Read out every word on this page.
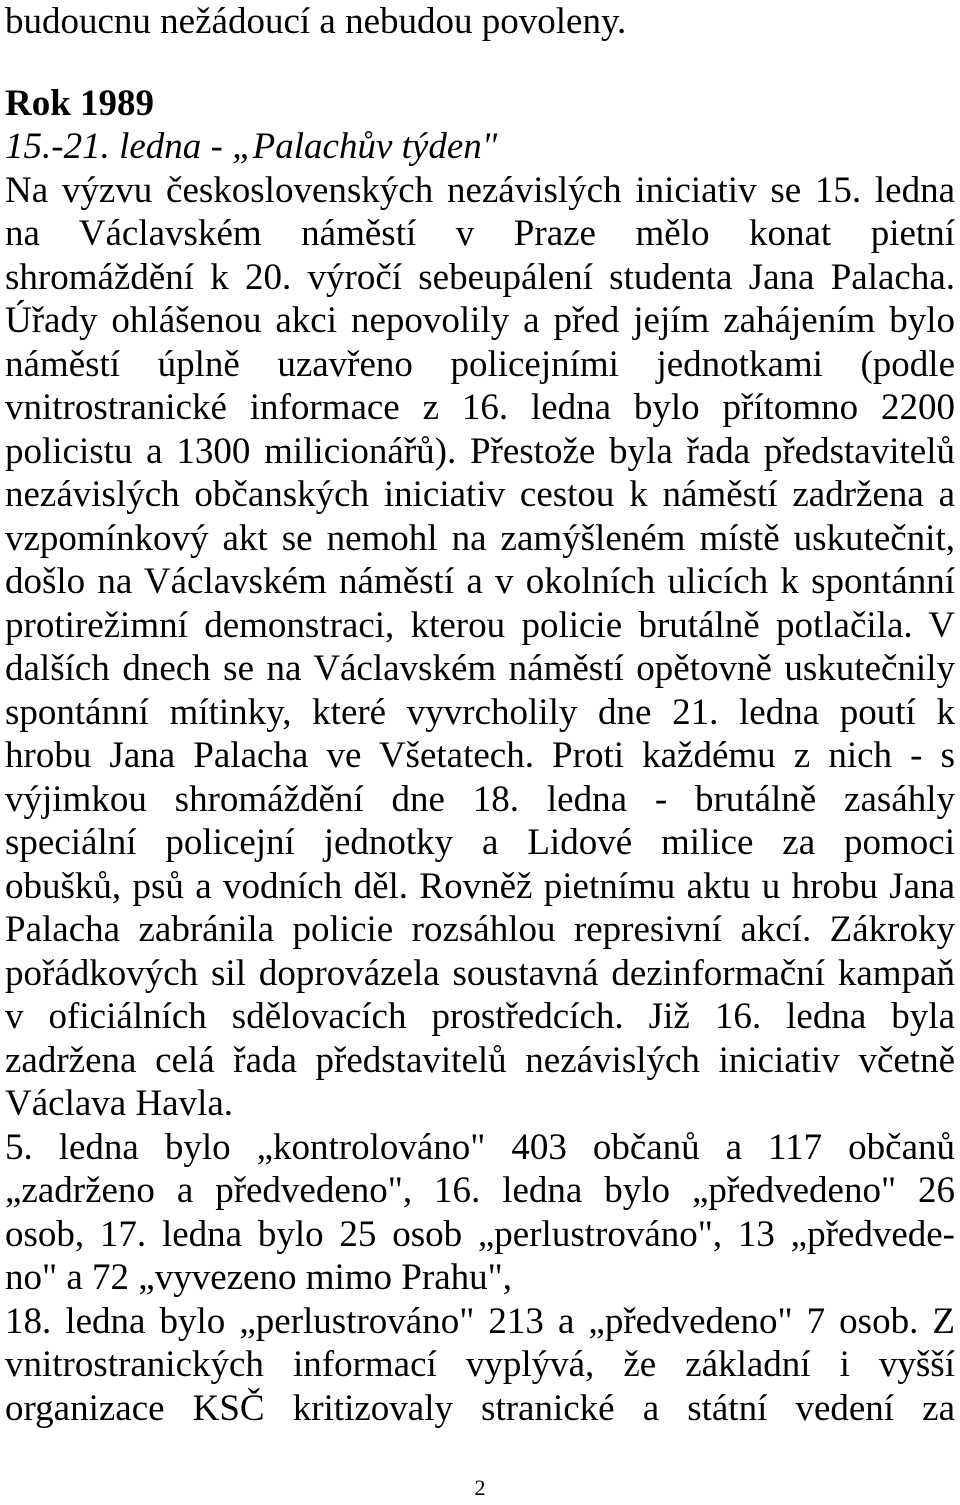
budoucnu nežádoucí a nebudou povoleny.
Rok 1989
15.-21. ledna - „Palachův týden"
Na výzvu československých nezávislých iniciativ se 15. ledna
na Václavském náměstí v Praze mělo konat pietní
shromáždění k 20. výročí sebeupálení studenta Jana Palacha.
Úřady ohlášenou akci nepovolily a před jejím zahájením bylo
náměstí úplně uzavřeno policejními jednotkami (podle
vnitrostranické informace z 16. ledna bylo přítomno 2200
policistu a 1300 milicionářů). Přestože byla řada představitelů
nezávislých občanských iniciativ cestou k náměstí zadržena a
vzpomínkový akt se nemohl na zamýšleném místě uskutečnit,
došlo na Václavském náměstí a v okolních ulicích k spontánní
protirežimní demonstraci, kterou policie brutálně potlačila. V
dalších dnech se na Václavském náměstí opětovně uskutečnily
spontánní mítinky, které vyvrcholily dne 21. ledna poutí k
hrobu Jana Palacha ve Všetatech. Proti každému z nich - s
výjimkou shromáždění dne 18. ledna - brutálně zasáhly
speciální policejní jednotky a Lidové milice za pomoci
obušků, psů a vodních děl. Rovněž pietnímu aktu u hrobu Jana
Palacha zabránila policie rozsáhlou represivní akcí. Zákroky
pořádkových sil doprovázela soustavná dezinformační kampaň
v oficiálních sdělovacích prostředcích. Již 16. ledna byla
zadržena celá řada představitelů nezávislých iniciativ včetně
Václava Havla.
5. ledna bylo „kontrolováno" 403 občanů a 117 občanů
„zadrženo a předvedeno", 16. ledna bylo „předvedeno" 26
osob, 17. ledna bylo 25 osob „perlustrováno", 13 „předvede-
no" a 72 „vyvezeno mimo Prahu",
18. ledna bylo „perlustrováno" 213 a „předvedeno" 7 osob. Z
vnitrostranických informací vyplývá, že základní i vyšší
organizace KSČ kritizovaly stranické a státní vedení za
2
